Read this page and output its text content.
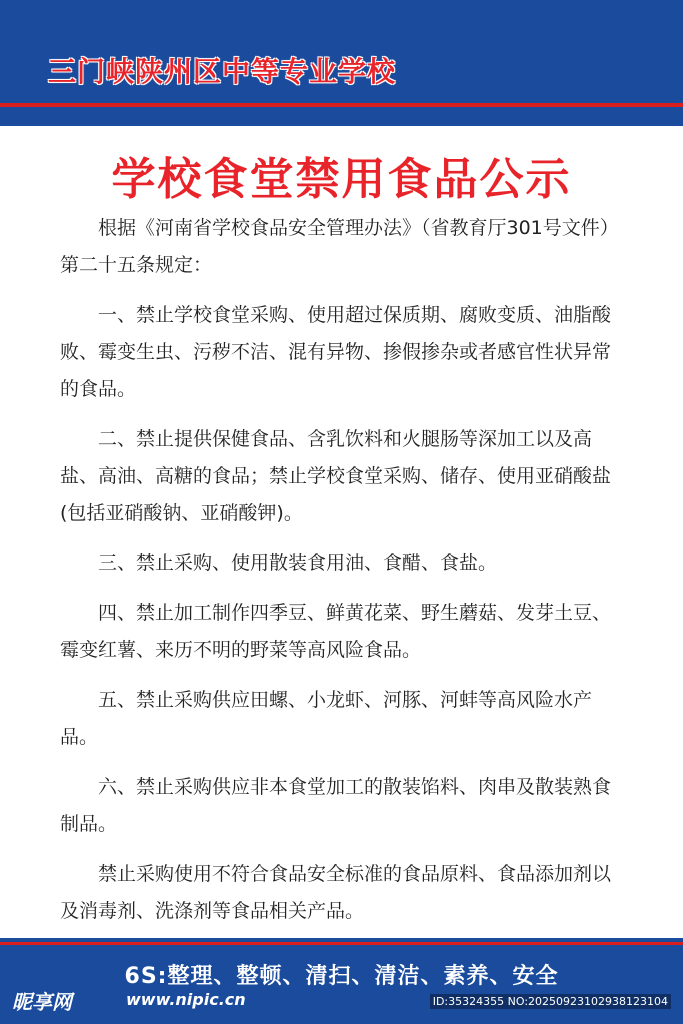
三门峡陕州区中等专业学校
学校食堂禁用食品公示

根据《河南省学校食品安全管理办法》（省教育厅301号文件）第二十五条规定：

一、禁止学校食堂采购、使用超过保质期、腐败变质、油脂酸败、霉变生虫、污秽不洁、混有异物、掺假掺杂或者感官性状异常的食品。

二、禁止提供保健食品、含乳饮料和火腿肠等深加工以及高盐、高油、高糖的食品；禁止学校食堂采购、储存、使用亚硝酸盐(包括亚硝酸钠、亚硝酸钾)。

三、禁止采购、使用散装食用油、食醋、食盐。

四、禁止加工制作四季豆、鲜黄花菜、野生蘑菇、发芽土豆、霉变红薯、来历不明的野菜等高风险食品。

五、禁止采购供应田螺、小龙虾、河豚、河蚌等高风险水产品。

六、禁止采购供应非本食堂加工的散装馅料、肉串及散装熟食制品。

禁止采购使用不符合食品安全标准的食品原料、食品添加剂以及消毒剂、洗涤剂等食品相关产品。

6S:整理、整顿、清扫、清洁、素养、安全
昵享网	www.nipic.cn	ID:35324355 NO:20250923102938123104
